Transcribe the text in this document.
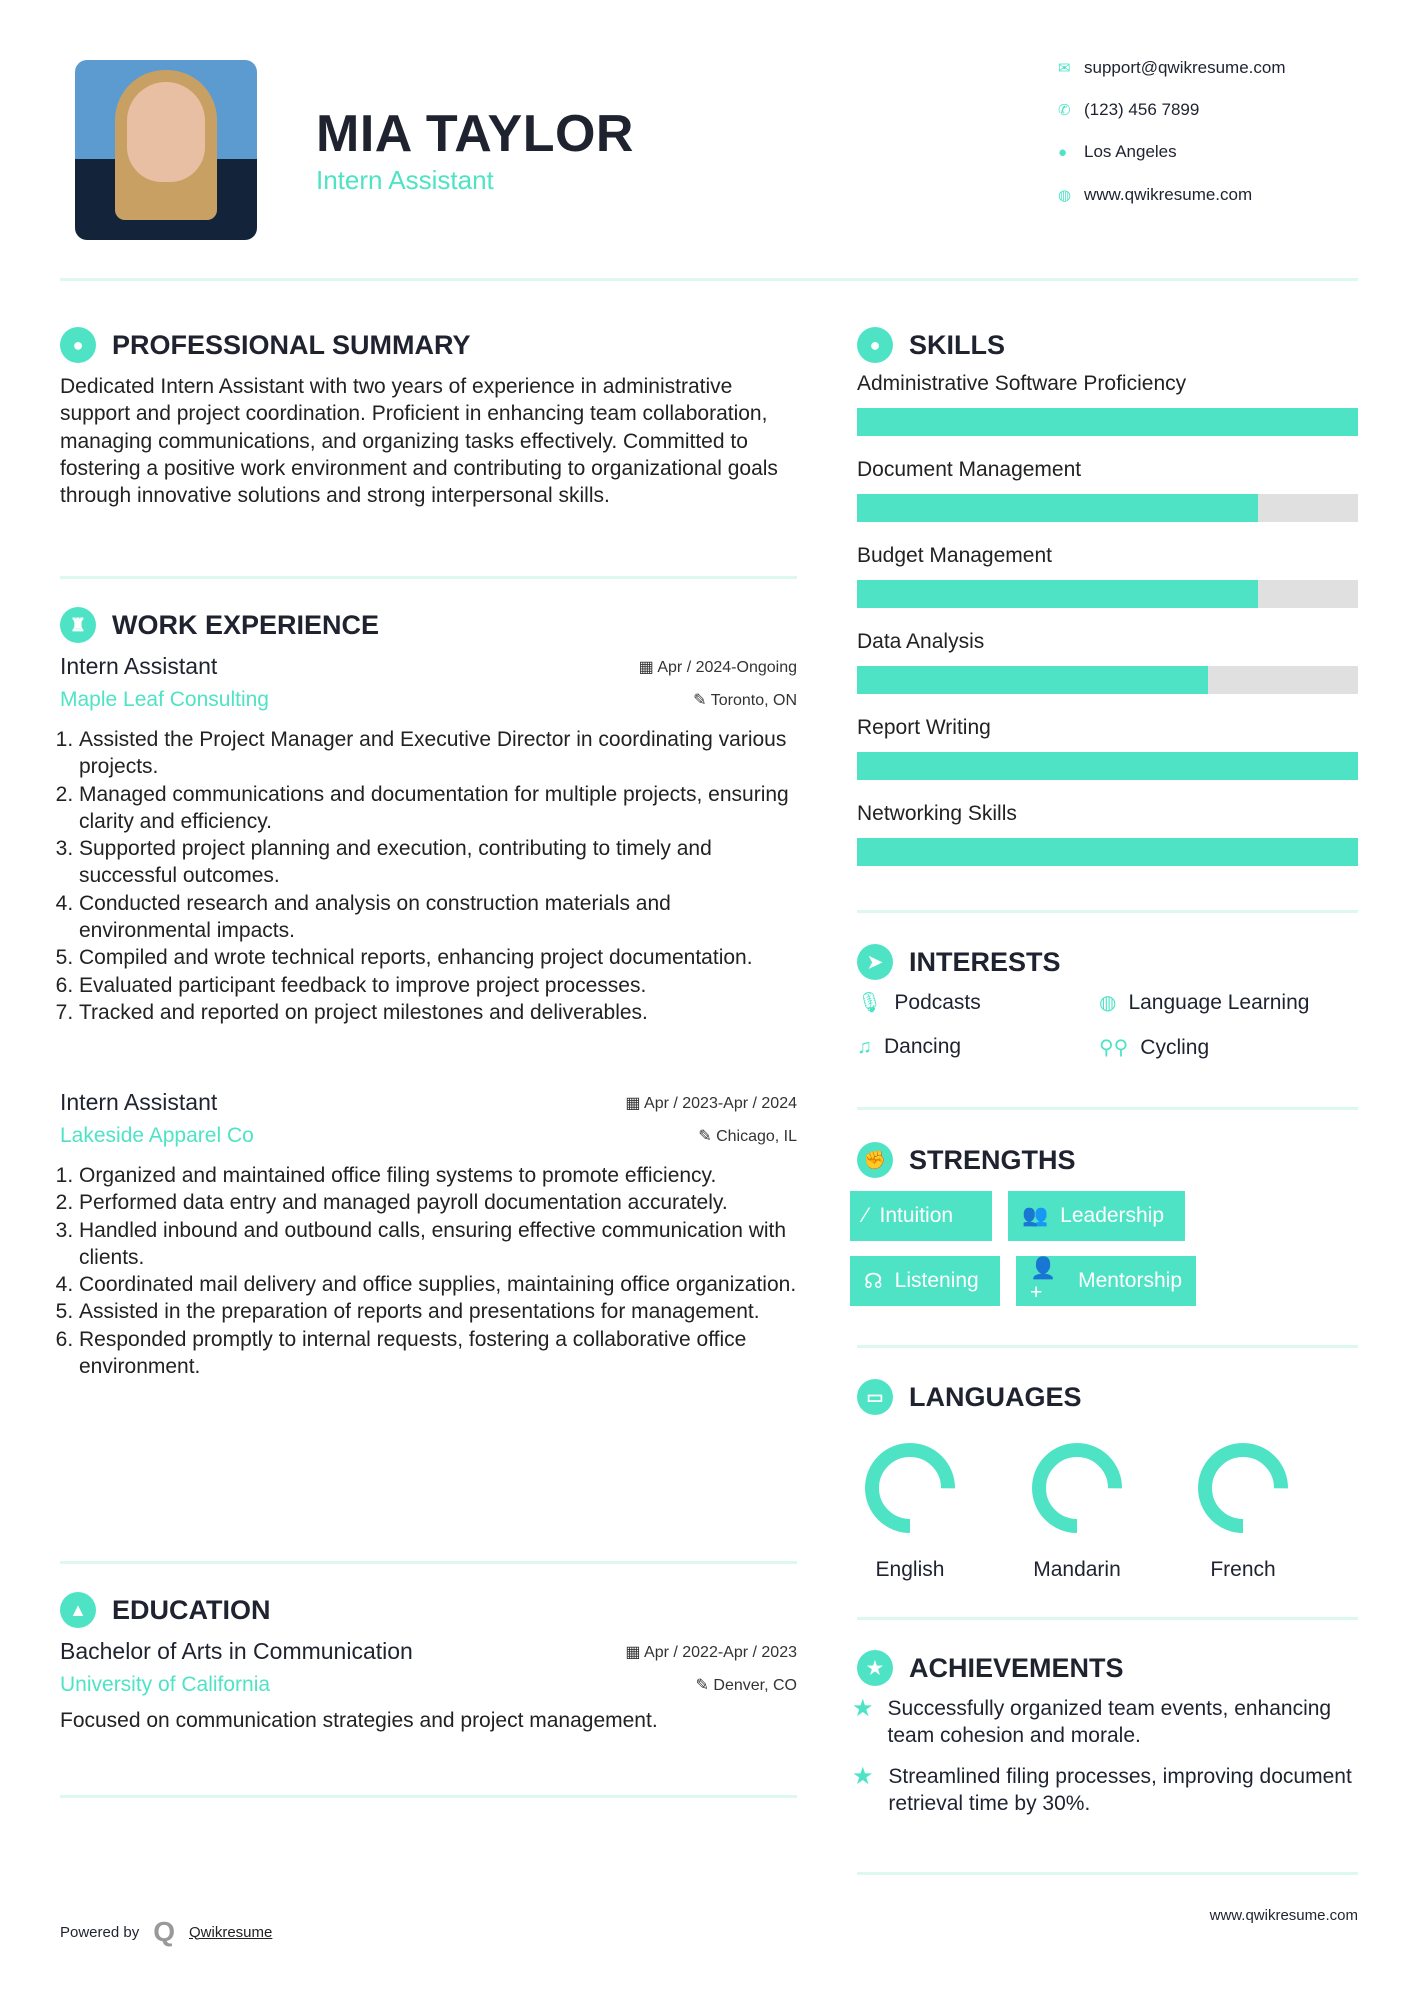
MIA TAYLOR
Intern Assistant
✉ support@qwikresume.com
✆ (123) 456 7899
● Los Angeles
◍ www.qwikresume.com
●	PROFESSIONAL SUMMARY
Dedicated Intern Assistant with two years of experience in administrative support and project coordination. Proficient in enhancing team collaboration, managing communications, and organizing tasks effectively. Committed to fostering a positive work environment and contributing to organizational goals through innovative solutions and strong interpersonal skills.
♜ WORK EXPERIENCE
Intern Assistant	▦ Apr / 2024-Ongoing
Maple Leaf Consulting	✎ Toronto, ON
1. Assisted the Project Manager and Executive Director in coordinating various projects.
2. Managed communications and documentation for multiple projects, ensuring clarity and efficiency.
3. Supported project planning and execution, contributing to timely and successful outcomes.
4. Conducted research and analysis on construction materials and environmental impacts.
5. Compiled and wrote technical reports, enhancing project documentation.
6. Evaluated participant feedback to improve project processes.
7. Tracked and reported on project milestones and deliverables.
Intern Assistant	▦ Apr / 2023-Apr / 2024
Lakeside Apparel Co	✎ Chicago, IL
1. Organized and maintained office filing systems to promote efficiency.
2. Performed data entry and managed payroll documentation accurately.
3. Handled inbound and outbound calls, ensuring effective communication with clients.
4. Coordinated mail delivery and office supplies, maintaining office organization.
5. Assisted in the preparation of reports and presentations for management.
6. Responded promptly to internal requests, fostering a collaborative office environment.
▲ EDUCATION
Bachelor of Arts in Communication	▦ Apr / 2022-Apr / 2023
University of California	✎ Denver, CO
Focused on communication strategies and project management.
●	SKILLS
Administrative Software Proficiency
Document Management
Budget Management
Data Analysis
Report Writing
Networking Skills
➤ INTERESTS
🎙 Podcasts	◍ Language Learning
♫ Dancing	⚲⚲ Cycling
✊ STRENGTHS
⁄ Intuition	👥 Leadership
☊ Listening
👤+
Mentorship
▭ LANGUAGES
English	Mandarin	French
★ ACHIEVEMENTS
★ Successfully organized team events, enhancing team cohesion and morale.
★ Streamlined filing processes, improving document retrieval time by 30%.
Powered by Q Qwikresume
www.qwikresume.com
